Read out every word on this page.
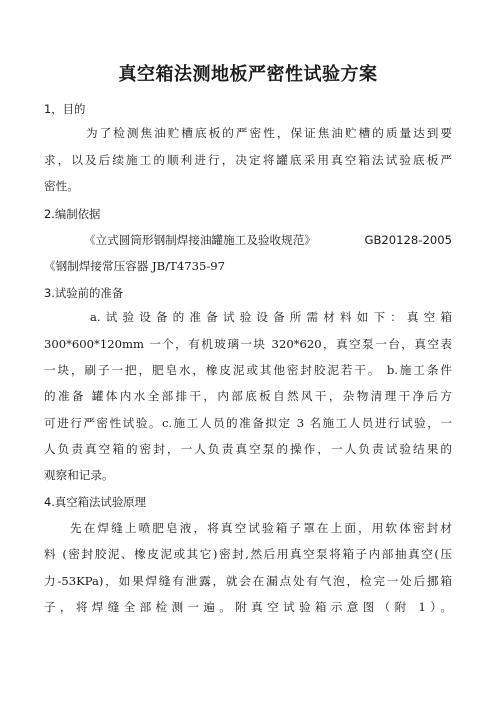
真空箱法测地板严密性试验方案
1，目的
为了检测焦油贮槽底板的严密性，保证焦油贮槽的质量达到要
求，以及后续施工的顺利进行，决定将罐底采用真空箱法试验底板严
密性。
2.编制依据
《立式圆筒形钢制焊接油罐施工及验收规范》	GB20128-2005
《钢制焊接常压容器 JB/T4735-97
3.试验前的准备
a.试验设备的准备试验设备所需材料如下：真空箱
300*600*120mm 一个，有机玻璃一块 320*620，真空泵一台，真空表
一块，刷子一把，肥皂水，橡皮泥或其他密封胶泥若干。 b.施工条件
的准备 罐体内水全部排干，内部底板自然风干，杂物清理干净后方
可进行严密性试验。c.施工人员的准备拟定 3 名施工人员进行试验，一
人负责真空箱的密封，一人负责真空泵的操作，一人负责试验结果的
观察和记录。
4.真空箱法试验原理
先在焊缝上喷肥皂液，将真空试验箱子罩在上面，用软体密封材
料 (密封胶泥、橡皮泥或其它)密封,然后用真空泵将箱子内部抽真空(压
力-53KPa)，如果焊缝有泄露，就会在漏点处有气泡，检完一处后挪箱
子，将焊缝全部检测一遍。附真空试验箱示意图（附 1）。
